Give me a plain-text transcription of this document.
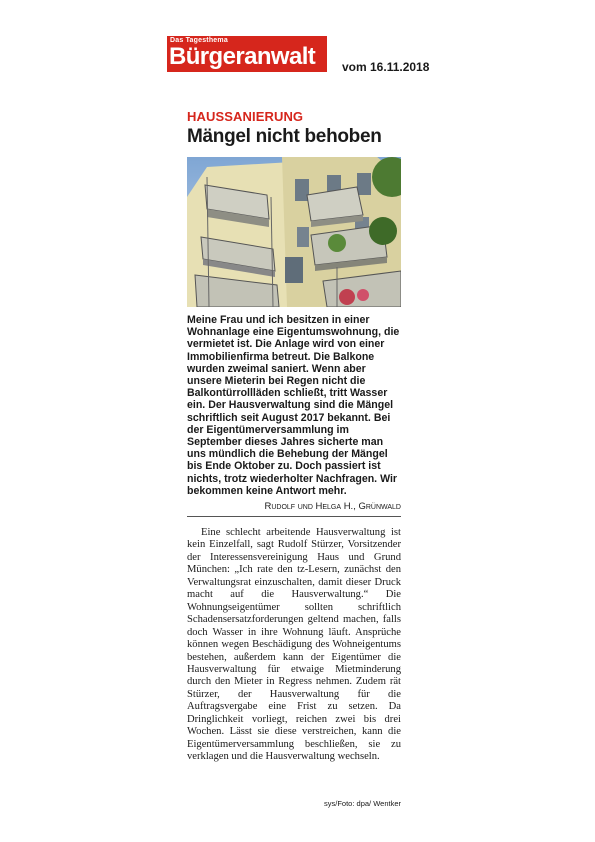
Das Tagesthema
Bürgeranwalt vom 16.11.2018
HAUSSANIERUNG
Mängel nicht behoben

Meine Frau und ich besitzen in einer Wohnanlage eine Eigentumswohnung, die vermietet ist. Die Anlage wird von einer Immobilienfirma betreut. Die Balkone wurden zweimal saniert. Wenn aber unsere Mieterin bei Regen nicht die Balkontürrollläden schließt, tritt Wasser ein. Der Hausverwaltung sind die Mängel schriftlich seit August 2017 bekannt. Bei der Eigentümerversammlung im September dieses Jahres sicherte man uns mündlich die Behebung der Mängel bis Ende Oktober zu. Doch passiert ist nichts, trotz wiederholter Nachfragen. Wir bekommen keine Antwort mehr.

Rudolf und Helga H., Grünwald

Eine schlecht arbeitende Hausverwaltung ist kein Einzelfall, sagt Rudolf Stürzer, Vorsitzender der Interessensvereinigung Haus und Grund München: „Ich rate den tz-Lesern, zunächst den Verwaltungsrat einzuschalten, damit dieser Druck macht auf die Hausverwaltung.“ Die Wohnungseigentümer sollten schriftlich Schadensersatzforderungen geltend machen, falls doch Wasser in ihre Wohnung läuft. Ansprüche können wegen Beschädigung des Wohneigentums bestehen, außerdem kann der Eigentümer die Hausverwaltung für etwaige Mietminderung durch den Mieter in Regress nehmen. Zudem rät Stürzer, der Hausverwaltung für die Auftragsvergabe eine Frist zu setzen. Da Dringlichkeit vorliegt, reichen zwei bis drei Wochen. Lässt sie diese verstreichen, kann die Eigentümerversammlung beschließen, sie zu verklagen und die Hausverwaltung wechseln.

sys/Foto: dpa/ Wentker
